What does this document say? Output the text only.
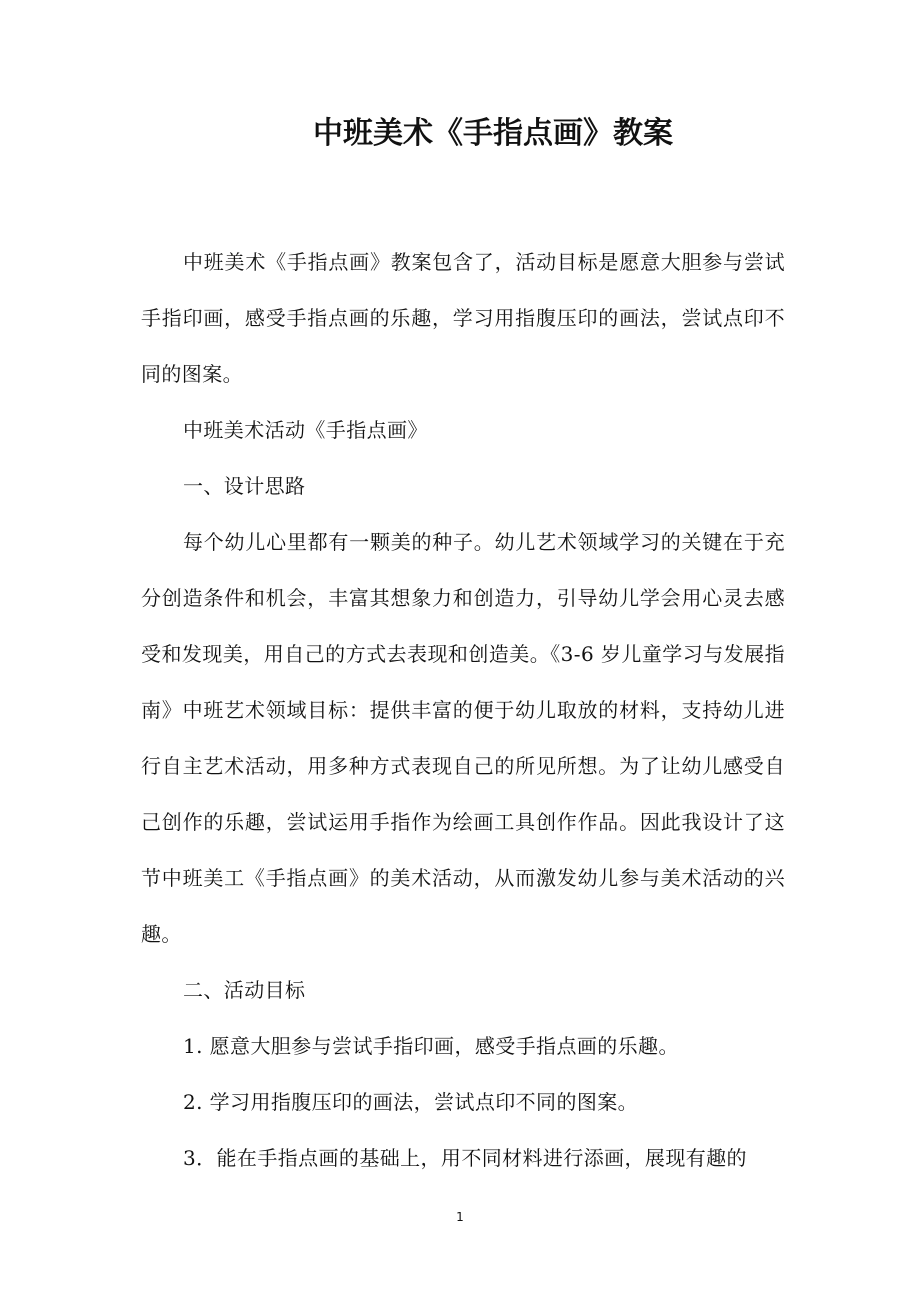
中班美术《手指点画》教案

中班美术《手指点画》教案包含了，活动目标是愿意大胆参与尝试手指印画，感受手指点画的乐趣，学习用指腹压印的画法，尝试点印不同的图案。

中班美术活动《手指点画》

一、设计思路

每个幼儿心里都有一颗美的种子。幼儿艺术领域学习的关键在于充分创造条件和机会，丰富其想象力和创造力，引导幼儿学会用心灵去感受和发现美，用自己的方式去表现和创造美。《3-6 岁儿童学习与发展指南》中班艺术领域目标：提供丰富的便于幼儿取放的材料，支持幼儿进行自主艺术活动，用多种方式表现自己的所见所想。为了让幼儿感受自己创作的乐趣，尝试运用手指作为绘画工具创作作品。因此我设计了这节中班美工《手指点画》的美术活动，从而激发幼儿参与美术活动的兴趣。

二、活动目标

1. 愿意大胆参与尝试手指印画，感受手指点画的乐趣。

2. 学习用指腹压印的画法，尝试点印不同的图案。

3．能在手指点画的基础上，用不同材料进行添画，展现有趣的

1
